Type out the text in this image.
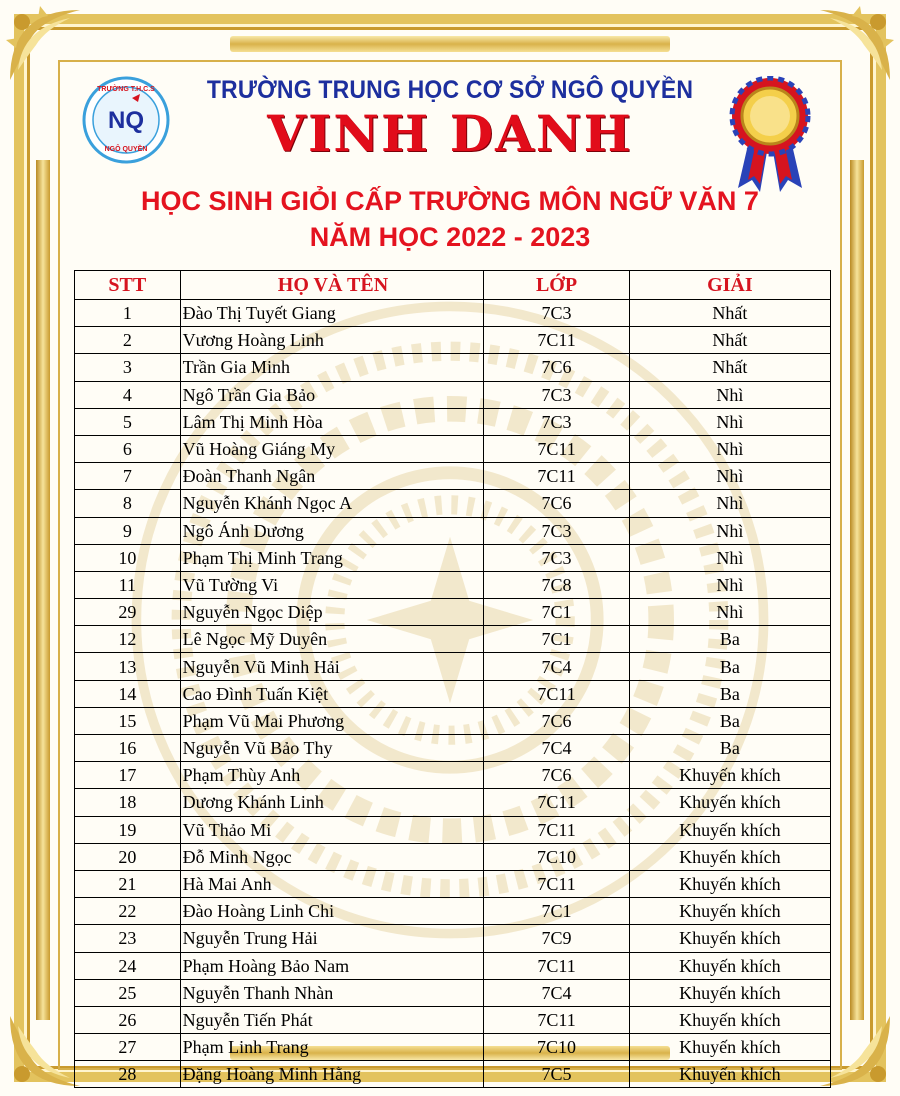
TRƯỜNG T.H.C.S
NQ
NGÔ QUYỀN
TRƯỜNG TRUNG HỌC CƠ SỞ NGÔ QUYỀN
VINH DANH
HỌC SINH GIỎI CẤP TRƯỜNG MÔN NGỮ VĂN 7
NĂM HỌC 2022 - 2023
STT	HỌ VÀ TÊN	LỚP	GIẢI
1	Đào Thị Tuyết Giang	7C3	Nhất
2	Vương Hoàng Linh	7C11	Nhất
3	Trần Gia Minh	7C6	Nhất
4	Ngô Trần Gia Bảo	7C3	Nhì
5	Lâm Thị Minh Hòa	7C3	Nhì
6	Vũ Hoàng Giáng My	7C11	Nhì
7	Đoàn Thanh Ngân	7C11	Nhì
8	Nguyễn Khánh Ngọc A	7C6	Nhì
9	Ngô Ánh Dương	7C3	Nhì
10	Phạm Thị Minh Trang	7C3	Nhì
11	Vũ Tường Vi	7C8	Nhì
29	Nguyễn Ngọc Diệp	7C1	Nhì
12	Lê Ngọc Mỹ Duyên	7C1	Ba
13	Nguyễn Vũ Minh Hải	7C4	Ba
14	Cao Đình Tuấn Kiệt	7C11	Ba
15	Phạm Vũ Mai Phương	7C6	Ba
16	Nguyễn Vũ Bảo Thy	7C4	Ba
17	Phạm Thùy Anh	7C6	Khuyến khích
18	Dương Khánh Linh	7C11	Khuyến khích
19	Vũ Thảo Mi	7C11	Khuyến khích
20	Đỗ Minh Ngọc	7C10	Khuyến khích
21	Hà Mai Anh	7C11	Khuyến khích
22	Đào Hoàng Linh Chi	7C1	Khuyến khích
23	Nguyễn Trung Hải	7C9	Khuyến khích
24	Phạm Hoàng Bảo Nam	7C11	Khuyến khích
25	Nguyễn Thanh Nhàn	7C4	Khuyến khích
26	Nguyễn Tiến Phát	7C11	Khuyến khích
27	Phạm Linh Trang	7C10	Khuyến khích
28	Đặng Hoàng Minh Hằng	7C5	Khuyến khích
